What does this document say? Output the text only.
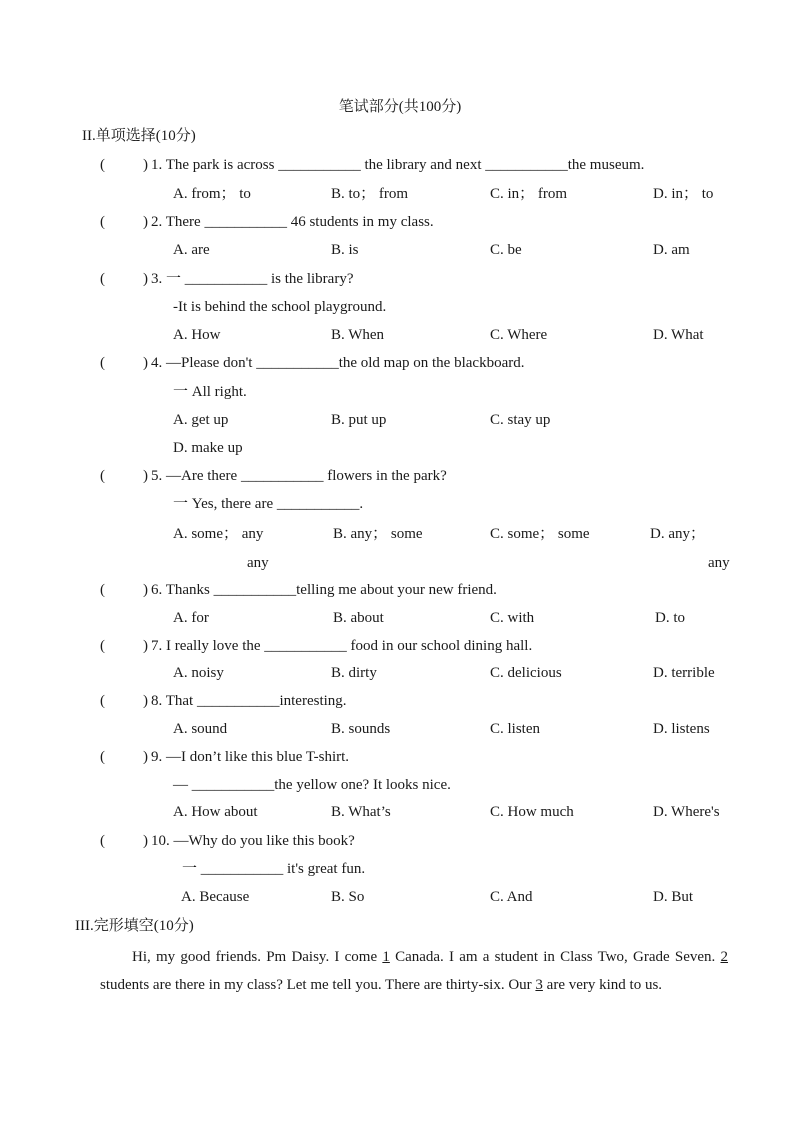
笔试部分(共100分)
II.单项选择(10分)
(	) 1. The park is across ___________ the library and next ___________the museum.
A. from； to	B. to； from	C. in； from	D. in； to
(	) 2. There ___________ 46 students in my class.
A. are	B. is	C. be	D. am
(	) 3. 一 ___________ is the library?
-It is behind the school playground.
A. How	B. When	C. Where	D. What
(	) 4. —Please don't ___________the old map on the blackboard.
一 All right.
A. get up	B. put up	C. stay up
D. make up
(	) 5. —Are there ___________ flowers in the park?
一 Yes, there are ___________.
A. some； any	B. any； some	C. some； some	D. any；
any	any
(	) 6. Thanks ___________telling me about your new friend.
A. for	B. about	C. with	D. to
(	) 7. I really love the ___________ food in our school dining hall.
A. noisy	B. dirty	C. delicious	D. terrible
(	) 8. That ___________interesting.
A. sound	B. sounds	C. listen	D. listens
(	) 9. —I don’t like this blue T-shirt.
— ___________the yellow one? It looks nice.
A. How about	B. What’s	C. How much	D. Where's
(	) 10. —Why do you like this book?
一 ___________ it's great fun.
A. Because	B. So	C. And	D. But
III.完形填空(10分)
Hi, my good friends. Pm Daisy. I come 1 Canada. I am a student in Class Two, Grade Seven. 2 students are there in my class? Let me tell you. There are thirty-six. Our 3 are very kind to us.
